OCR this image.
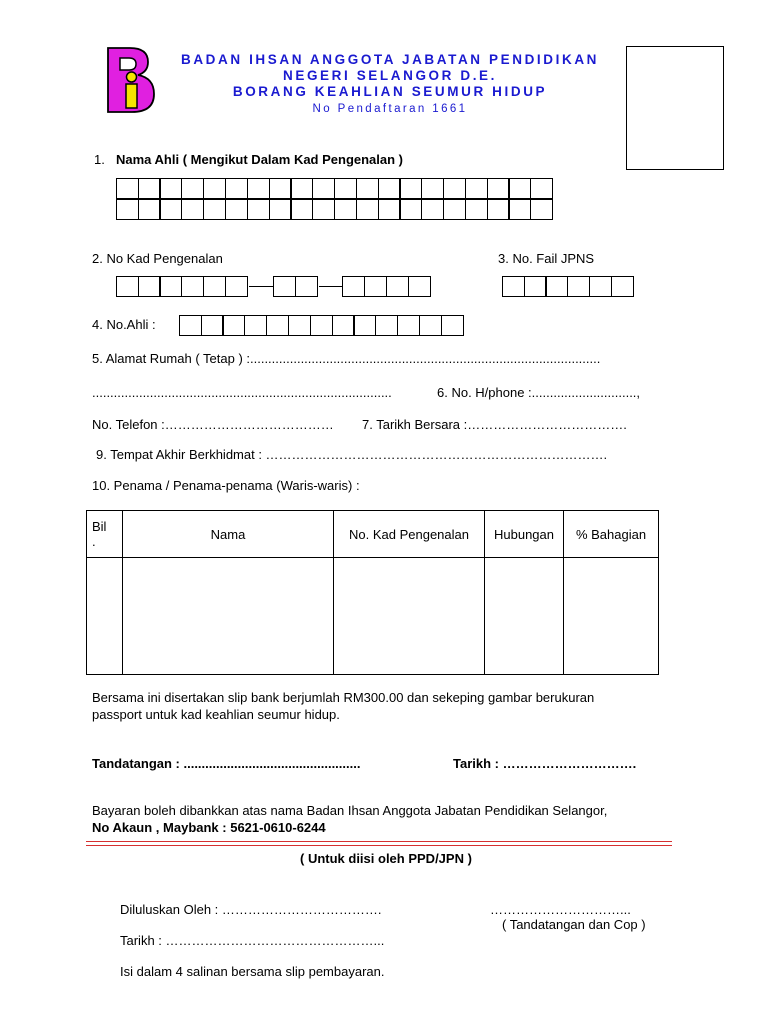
BADAN IHSAN ANGGOTA JABATAN PENDIDIKAN
NEGERI SELANGOR D.E.
BORANG KEAHLIAN SEUMUR HIDUP
No Pendaftaran 1661
1. Nama Ahli ( Mengikut Dalam Kad Pengenalan )
2. No Kad Pengenalan	3. No. Fail JPNS
4. No.Ahli :
5. Alamat Rumah ( Tetap ) :.................................................................................................
...................................................................................	6. No. H/phone :.............................,
No. Telefon :………………………………… 7. Tarikh Bersara :……………………………….
9. Tempat Akhir Berkhidmat : …………………………………………………………………….
10. Penama / Penama-penama (Waris-waris) :
Bil
.	Nama	No. Kad Pengenalan	Hubungan	% Bahagian

Bersama ini disertakan slip bank berjumlah RM300.00 dan sekeping gambar berukuran
passport untuk kad keahlian seumur hidup.
Tandatangan : .................................................	Tarikh : ………………………….
Bayaran boleh dibankkan atas nama Badan Ihsan Anggota Jabatan Pendidikan Selangor,
No Akaun , Maybank : 5621-0610-6244
( Untuk diisi oleh PPD/JPN )
Diluluskan Oleh : ……………………………….	…………………………...
( Tandatangan dan Cop )
Tarikh : …………………………………………...
Isi dalam 4 salinan bersama slip pembayaran.
